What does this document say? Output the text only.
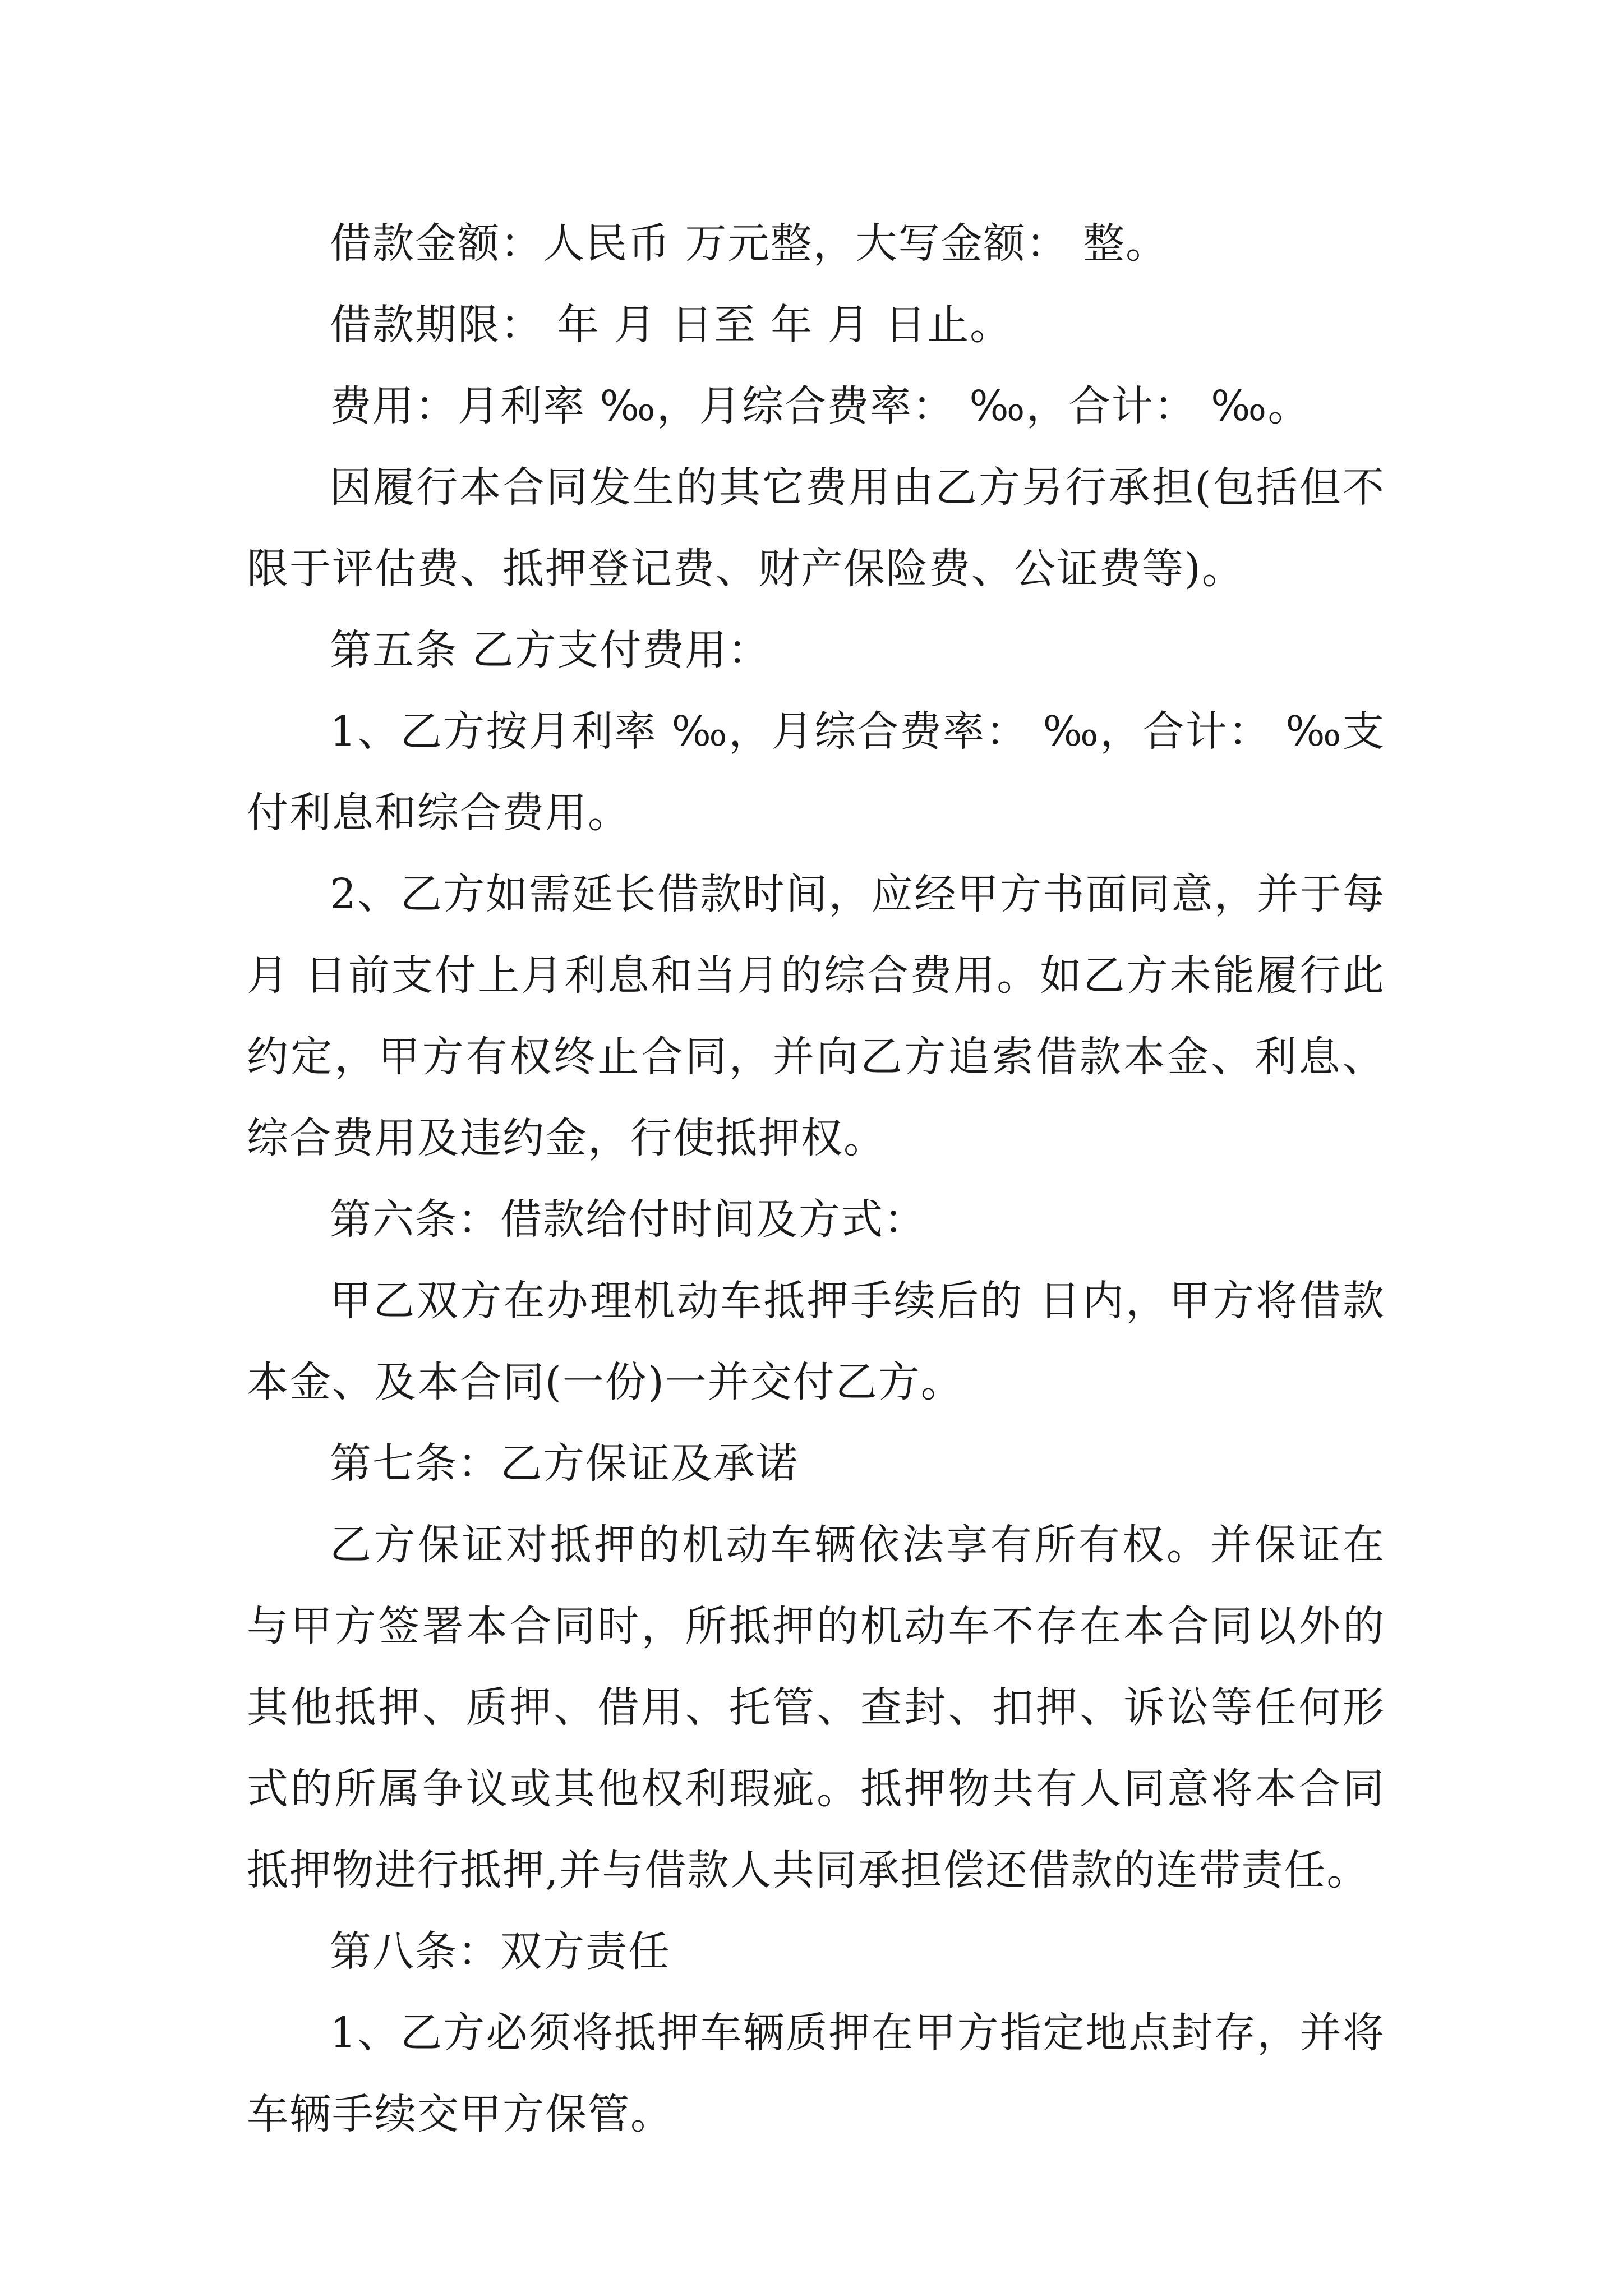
借款金额：人民币 万元整，大写金额： 整。

借款期限： 年 月 日至 年 月 日止。

费用：月利率 ‰，月综合费率： ‰，合计： ‰。

因履行本合同发生的其它费用由乙方另行承担(包括但不限于评估费、抵押登记费、财产保险费、公证费等)。

第五条 乙方支付费用：

1、乙方按月利率 ‰，月综合费率： ‰，合计： ‰支付利息和综合费用。

2、乙方如需延长借款时间，应经甲方书面同意，并于每月 日前支付上月利息和当月的综合费用。如乙方未能履行此约定，甲方有权终止合同，并向乙方追索借款本金、利息、综合费用及违约金，行使抵押权。

第六条：借款给付时间及方式：

甲乙双方在办理机动车抵押手续后的 日内，甲方将借款本金、及本合同(一份)一并交付乙方。

第七条：乙方保证及承诺

乙方保证对抵押的机动车辆依法享有所有权。并保证在与甲方签署本合同时，所抵押的机动车不存在本合同以外的其他抵押、质押、借用、托管、查封、扣押、诉讼等任何形式的所属争议或其他权利瑕疵。抵押物共有人同意将本合同抵押物进行抵押,并与借款人共同承担偿还借款的连带责任。

第八条：双方责任

1、乙方必须将抵押车辆质押在甲方指定地点封存，并将车辆手续交甲方保管。
